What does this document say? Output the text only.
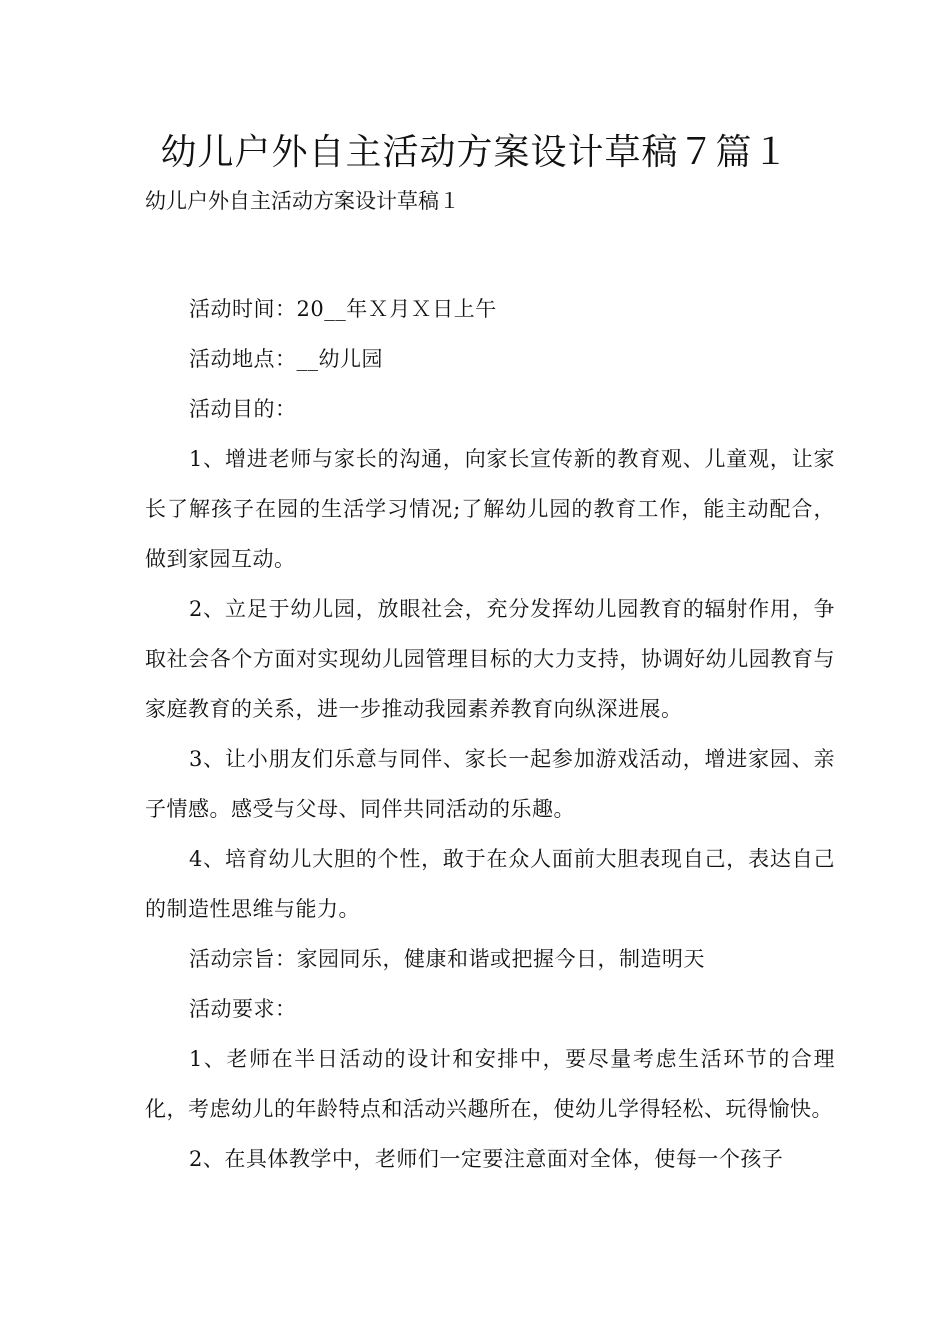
幼儿户外自主活动方案设计草稿７篇１

幼儿户外自主活动方案设计草稿１

活动时间：20__年Ｘ月Ｘ日上午

活动地点：__幼儿园

活动目的：

1、增进老师与家长的沟通，向家长宣传新的教育观、儿童观，让家长了解孩子在园的生活学习情况;了解幼儿园的教育工作，能主动配合，做到家园互动。

2、立足于幼儿园，放眼社会，充分发挥幼儿园教育的辐射作用，争取社会各个方面对实现幼儿园管理目标的大力支持，协调好幼儿园教育与家庭教育的关系，进一步推动我园素养教育向纵深进展。

3、让小朋友们乐意与同伴、家长一起参加游戏活动，增进家园、亲子情感。感受与父母、同伴共同活动的乐趣。

4、培育幼儿大胆的个性，敢于在众人面前大胆表现自己，表达自己的制造性思维与能力。

活动宗旨：家园同乐，健康和谐或把握今日，制造明天

活动要求：

1、老师在半日活动的设计和安排中，要尽量考虑生活环节的合理化，考虑幼儿的年龄特点和活动兴趣所在，使幼儿学得轻松、玩得愉快。

2、在具体教学中，老师们一定要注意面对全体，使每一个孩子
